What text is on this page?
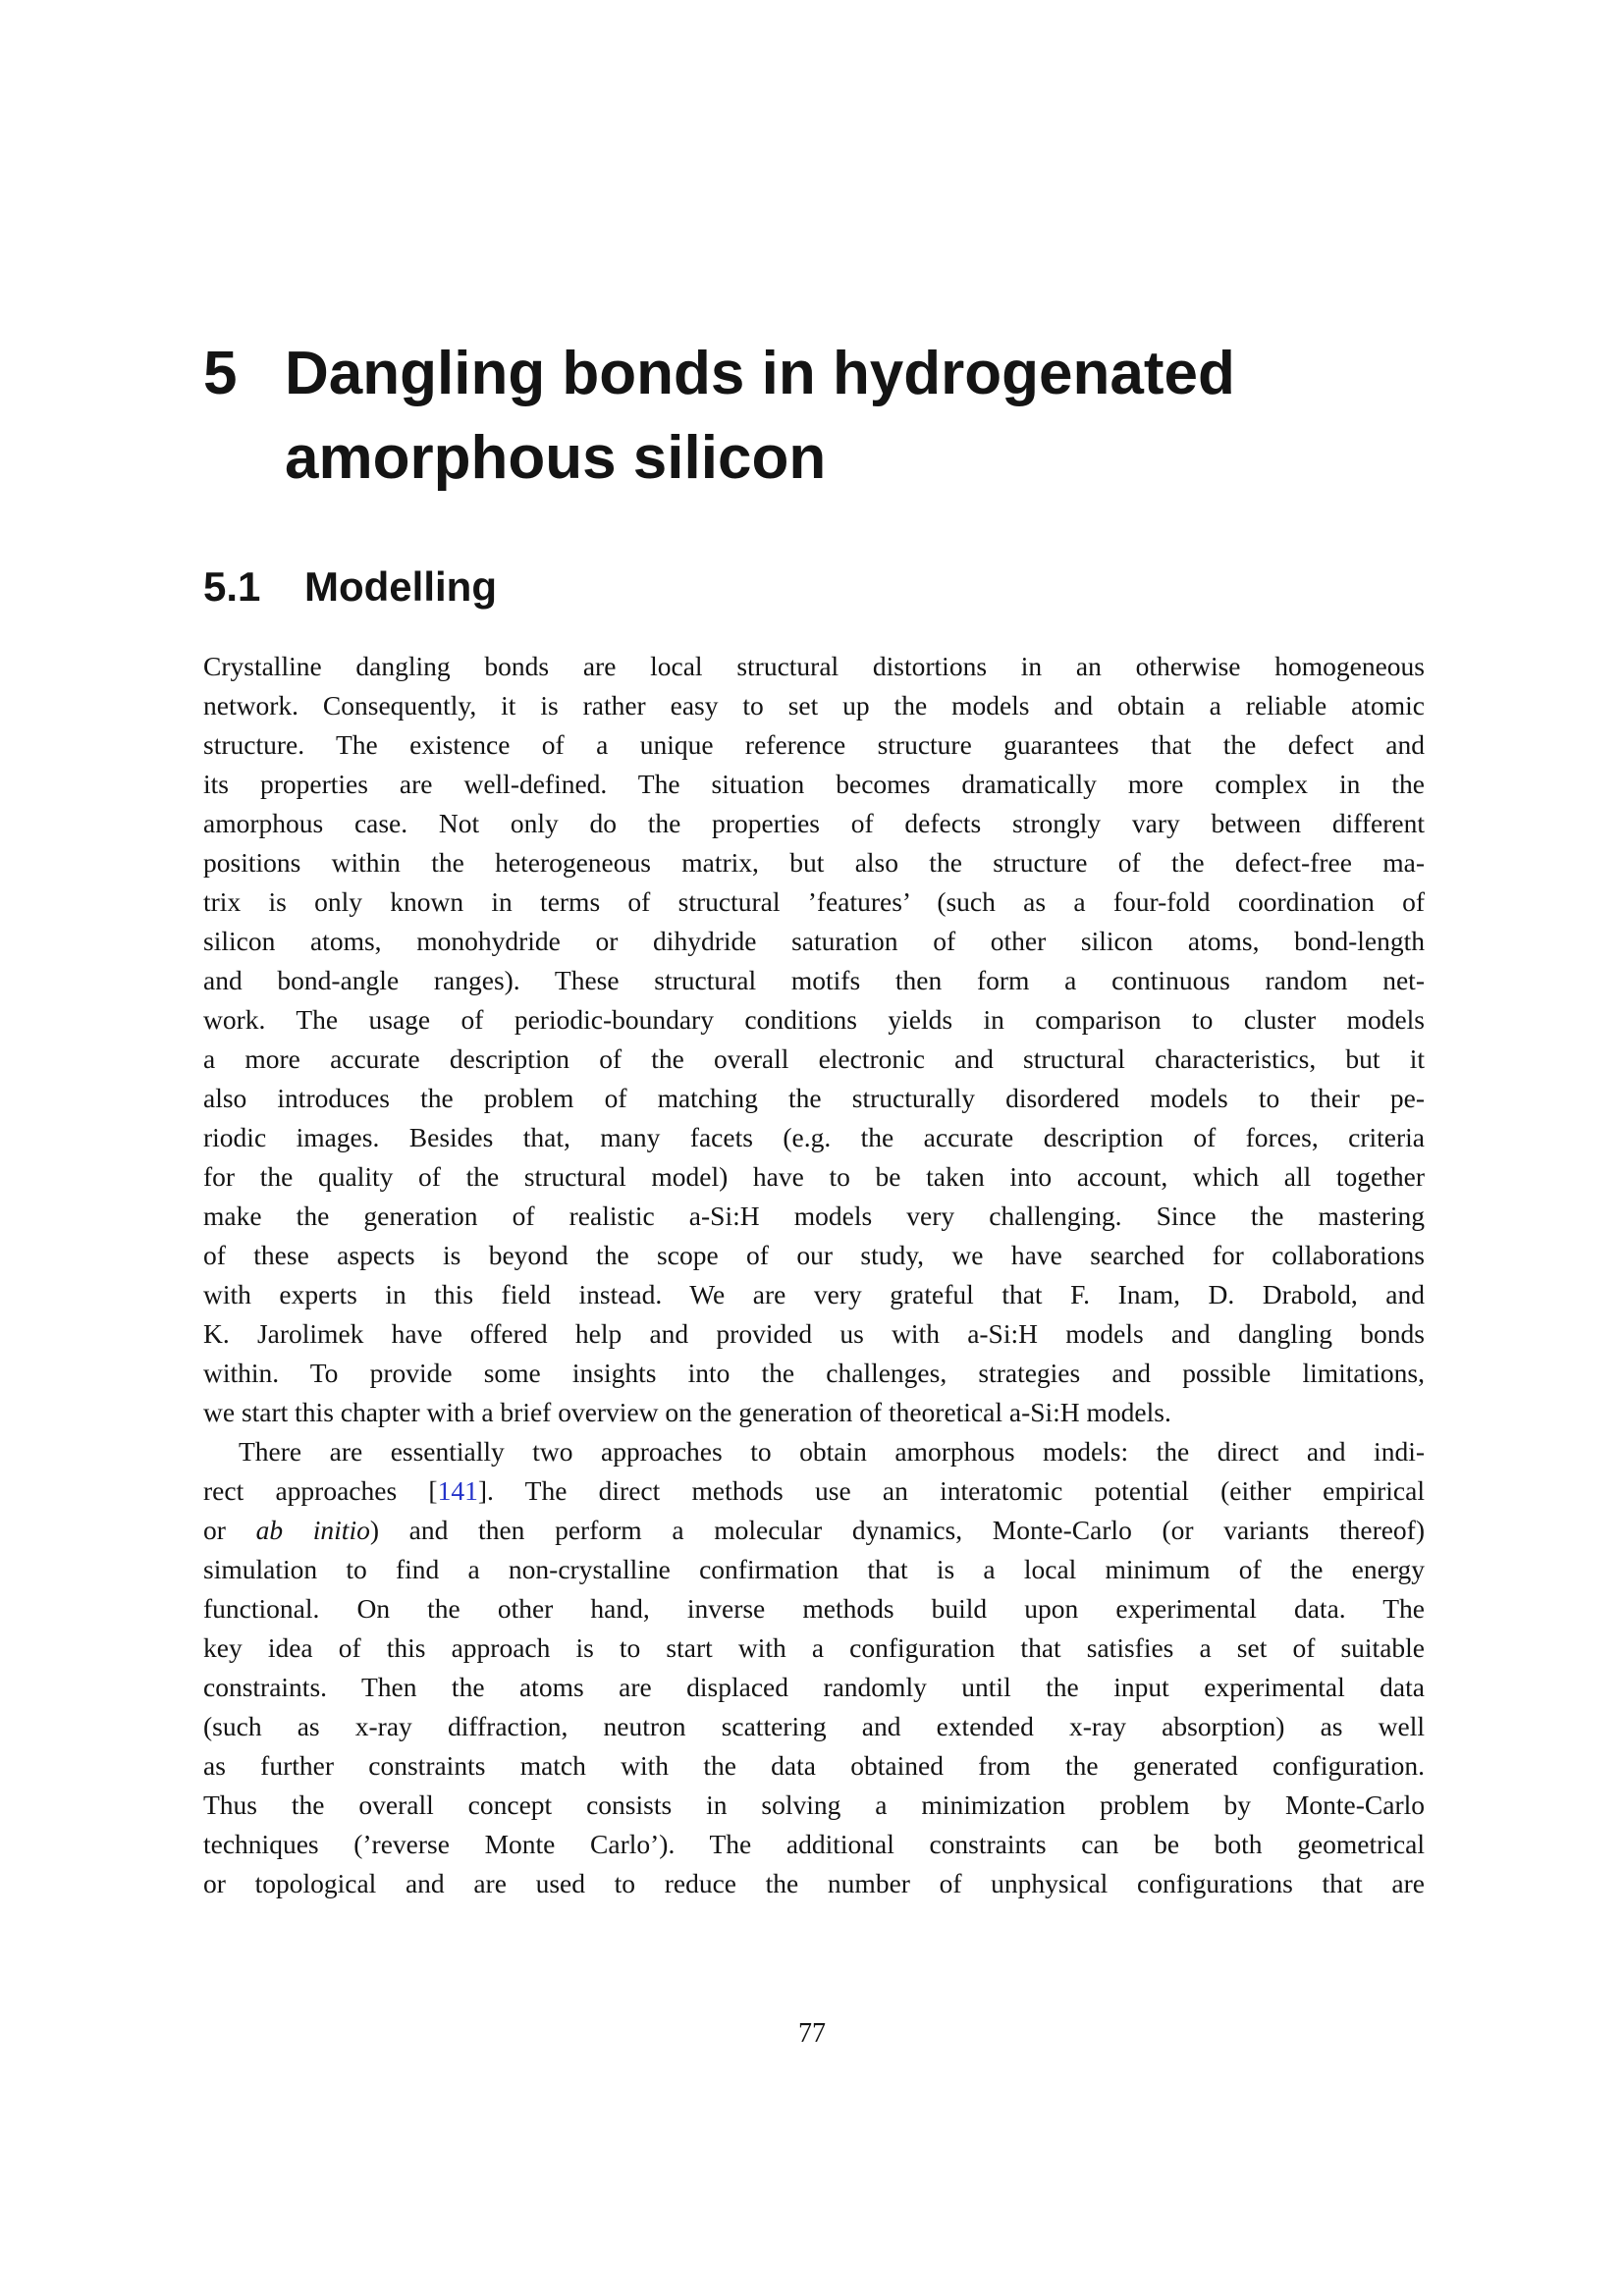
5 Dangling bonds in hydrogenated
amorphous silicon
5.1	Modelling
Crystalline dangling bonds are local structural distortions in an otherwise homogeneous
network. Consequently, it is rather easy to set up the models and obtain a reliable atomic
structure. The existence of a unique reference structure guarantees that the defect and
its properties are well-defined. The situation becomes dramatically more complex in the
amorphous case. Not only do the properties of defects strongly vary between different
positions within the heterogeneous matrix, but also the structure of the defect-free ma-
trix is only known in terms of structural ’features’ (such as a four-fold coordination of
silicon atoms, monohydride or dihydride saturation of other silicon atoms, bond-length
and bond-angle ranges). These structural motifs then form a continuous random net-
work. The usage of periodic-boundary conditions yields in comparison to cluster models
a more accurate description of the overall electronic and structural characteristics, but it
also introduces the problem of matching the structurally disordered models to their pe-
riodic images. Besides that, many facets (e.g. the accurate description of forces, criteria
for the quality of the structural model) have to be taken into account, which all together
make the generation of realistic a-Si:H models very challenging. Since the mastering
of these aspects is beyond the scope of our study, we have searched for collaborations
with experts in this field instead. We are very grateful that F. Inam, D. Drabold, and
K. Jarolimek have offered help and provided us with a-Si:H models and dangling bonds
within. To provide some insights into the challenges, strategies and possible limitations,
we start this chapter with a brief overview on the generation of theoretical a-Si:H models.
There are essentially two approaches to obtain amorphous models: the direct and indi-
rect approaches [141]. The direct methods use an interatomic potential (either empirical
or ab initio) and then perform a molecular dynamics, Monte-Carlo (or variants thereof)
simulation to find a non-crystalline confirmation that is a local minimum of the energy
functional. On the other hand, inverse methods build upon experimental data. The
key idea of this approach is to start with a configuration that satisfies a set of suitable
constraints. Then the atoms are displaced randomly until the input experimental data
(such as x-ray diffraction, neutron scattering and extended x-ray absorption) as well
as further constraints match with the data obtained from the generated configuration.
Thus the overall concept consists in solving a minimization problem by Monte-Carlo
techniques (’reverse Monte Carlo’). The additional constraints can be both geometrical
or topological and are used to reduce the number of unphysical configurations that are
77
